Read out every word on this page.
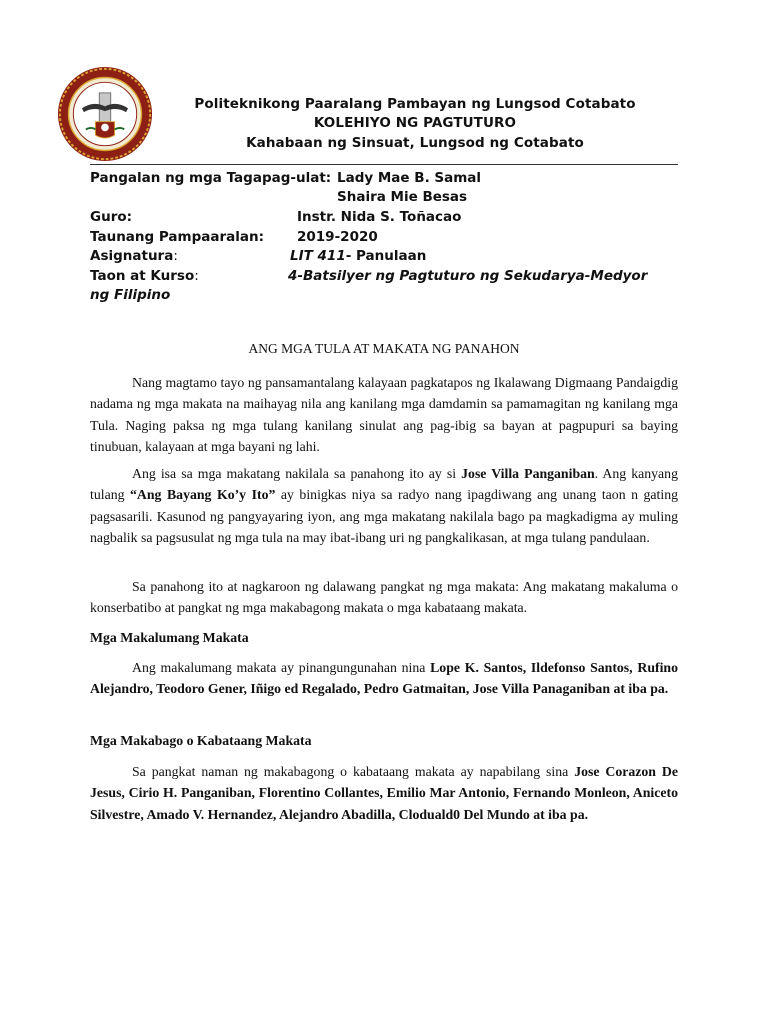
Politeknikong Paaralang Pambayan ng Lungsod Cotabato
KOLEHIYO NG PAGTUTURO
Kahabaan ng Sinsuat, Lungsod ng Cotabato
Pangalan ng mga Tagapag-ulat: Lady Mae B. Samal
Shaira Mie Besas
Guro:	Instr. Nida S. Toñacao
Taunang Pampaaralan: 2019-2020
Asignatura:	LIT 411- Panulaan
Taon at Kurso:	4-Batsilyer ng Pagtuturo ng Sekudarya-Medyor
ng Filipino
ANG MGA TULA AT MAKATA NG PANAHON

Nang magtamo tayo ng pansamantalang kalayaan pagkatapos ng Ikalawang Digmaang Pandaigdig nadama ng mga makata na maihayag nila ang kanilang mga damdamin sa pamamagitan ng kanilang mga Tula. Naging paksa ng mga tulang kanilang sinulat ang pag-ibig sa bayan at pagpupuri sa baying tinubuan, kalayaan at mga bayani ng lahi.

Ang isa sa mga makatang nakilala sa panahong ito ay si Jose Villa Panganiban. Ang kanyang tulang “Ang Bayang Ko’y Ito” ay binigkas niya sa radyo nang ipagdiwang ang unang taon n gating pagsasarili. Kasunod ng pangyayaring iyon, ang mga makatang nakilala bago pa magkadigma ay muling nagbalik sa pagsusulat ng mga tula na may ibat-ibang uri ng pangkalikasan, at mga tulang pandulaan.

Sa panahong ito at nagkaroon ng dalawang pangkat ng mga makata: Ang makatang makaluma o konserbatibo at pangkat ng mga makabagong makata o mga kabataang makata.

Mga Makalumang Makata

Ang makalumang makata ay pinangungunahan nina Lope K. Santos, Ildefonso Santos, Rufino Alejandro, Teodoro Gener, Iñigo ed Regalado, Pedro Gatmaitan, Jose Villa Panaganiban at iba pa.

Mga Makabago o Kabataang Makata

Sa pangkat naman ng makabagong o kabataang makata ay napabilang sina Jose Corazon De Jesus, Cirio H. Panganiban, Florentino Collantes, Emilio Mar Antonio, Fernando Monleon, Aniceto Silvestre, Amado V. Hernandez, Alejandro Abadilla, Cloduald0 Del Mundo at iba pa.
